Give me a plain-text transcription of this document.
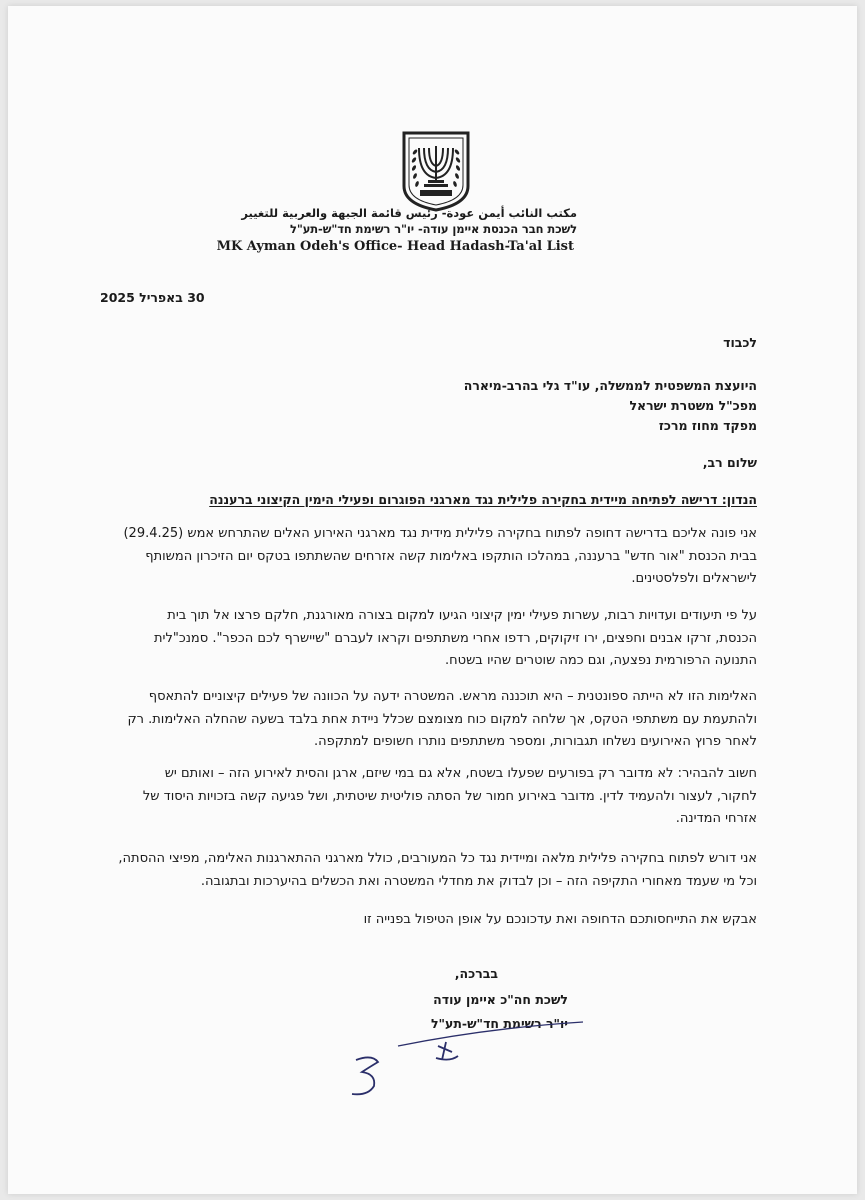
مكتب النائب أيمن عودة- رئيس قائمة الجبهة والعربية للتغيير
לשכת חבר הכנסת איימן עודה- יו"ר רשימת חד"ש-תע"ל
MK Ayman Odeh's Office- Head Hadash-Ta'al List
30 באפריל 2025
לכבוד
היועצת המשפטית לממשלה, עו"ד גלי בהרב-מיארה
מפכ"ל משטרת ישראל
מפקד מחוז מרכז
שלום רב,
הנדון: דרישה לפתיחה מיידית בחקירה פלילית נגד מארגני הפוגרום ופעילי הימין הקיצוני ברעננה
אני פונה אליכם בדרישה דחופה לפתוח בחקירה פלילית מידית נגד מארגני האירוע האלים שהתרחש אמש (29.4.25)
בבית הכנסת "אור חדש" ברעננה, במהלכו הותקפו באלימות קשה אזרחים שהשתתפו בטקס יום הזיכרון המשותף
לישראלים ולפלסטינים.
על פי תיעודים ועדויות רבות, עשרות פעילי ימין קיצוני הגיעו למקום בצורה מאורגנת, חלקם פרצו אל תוך בית
הכנסת, זרקו אבנים וחפצים, ירו זיקוקים, רדפו אחרי משתתפים וקראו לעברם "שיישרף לכם הכפר". סמנכ"לית
התנועה הרפורמית נפצעה, וגם כמה שוטרים שהיו בשטח.
האלימות הזו לא הייתה ספונטנית – היא תוכננה מראש. המשטרה ידעה על הכוונה של פעילים קיצוניים להתאסף
ולהתעמת עם משתתפי הטקס, אך שלחה למקום כוח מצומצם שכלל ניידת אחת בלבד בשעה שהחלה האלימות. רק
לאחר פרוץ האירועים נשלחו תגבורות, ומספר משתתפים נותרו חשופים למתקפה.
חשוב להבהיר: לא מדובר רק בפורעים שפעלו בשטח, אלא גם במי שיזם, ארגן והסית לאירוע הזה – ואותם יש
לחקור, לעצור ולהעמיד לדין. מדובר באירוע חמור של הסתה פוליטית שיטתית, ושל פגיעה קשה בזכויות היסוד של
אזרחי המדינה.
אני דורש לפתוח בחקירה פלילית מלאה ומיידית נגד כל המעורבים, כולל מארגני ההתארגנות האלימה, מפיצי ההסתה,
וכל מי שעמד מאחורי התקיפה הזה – וכן לבדוק את מחדלי המשטרה ואת הכשלים בהיערכות ובתגובה.
אבקש את התייחסותכם הדחופה ואת עדכונכם על אופן הטיפול בפנייה זו
בברכה,
לשכת חה"כ איימן עודה
יו"ר רשימת חד"ש-תע"ל
